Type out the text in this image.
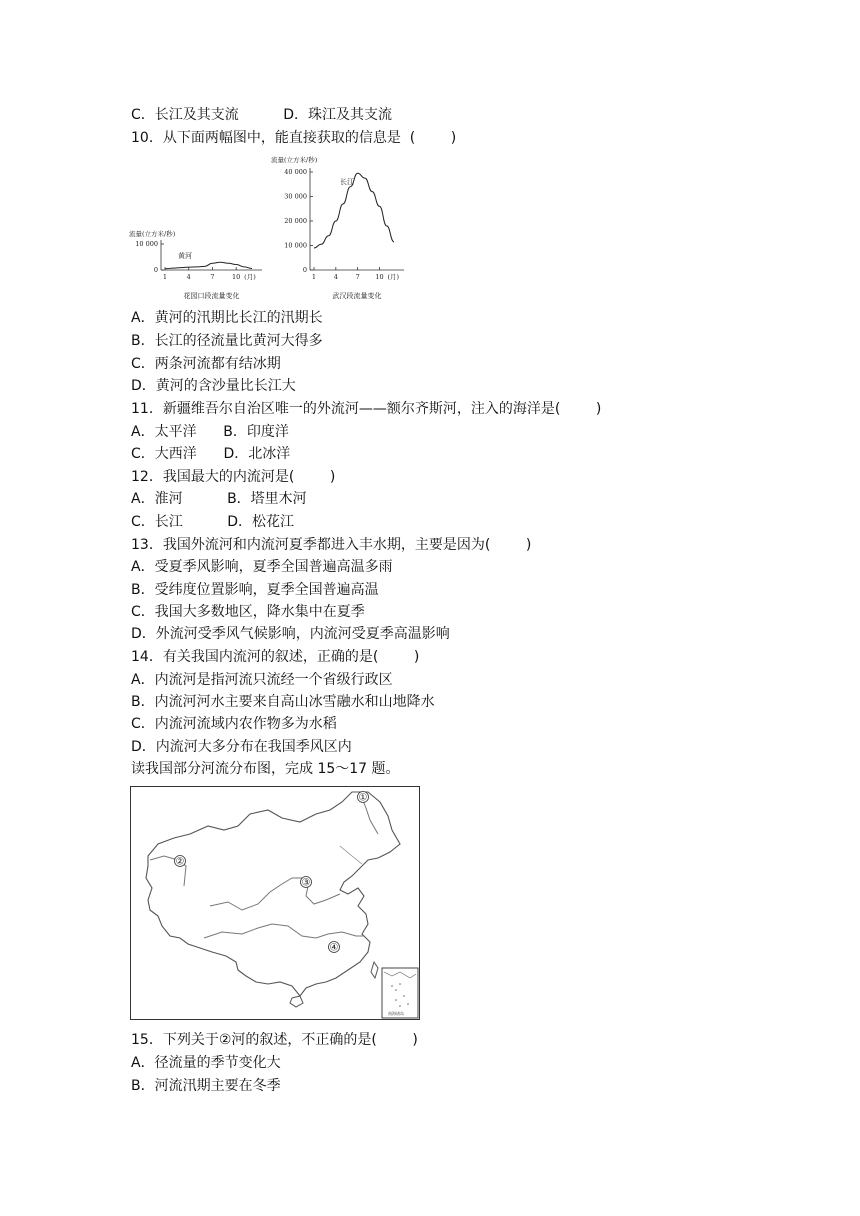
C．长江及其支流          D．珠江及其支流
10．从下面两幅图中，能直接获取的信息是  (        )
A．黄河的汛期比长江的汛期长
B．长江的径流量比黄河大得多
C．两条河流都有结冰期
D．黄河的含沙量比长江大
11．新疆维吾尔自治区唯一的外流河——额尔齐斯河，注入的海洋是(        )
A．太平洋      B．印度洋
C．大西洋      D．北冰洋
12．我国最大的内流河是(        )
A．淮河          B．塔里木河
C．长江          D．松花江
13．我国外流河和内流河夏季都进入丰水期，主要是因为(        )
A．受夏季风影响，夏季全国普遍高温多雨
B．受纬度位置影响，夏季全国普遍高温
C．我国大多数地区，降水集中在夏季
D．外流河受季风气候影响，内流河受夏季高温影响
14．有关我国内流河的叙述，正确的是(        )
A．内流河是指河流只流经一个省级行政区
B．内流河河水主要来自高山冰雪融水和山地降水
C．内流河流域内农作物多为水稻
D．内流河大多分布在我国季风区内
读我国部分河流分布图，完成 15～17 题。
15．下列关于②河的叙述，不正确的是(        )
A．径流量的季节变化大
B．河流汛期主要在冬季
流量(立方米/秒)
0
10 000
1	4	7	10 (月)
黄河
花园口段流量变化
流量(立方米/秒)
0
10 000
20 000
30 000
40 000
1	4	7 10 (月)
长江
武汉段流量变化
①
②
③
④
南海诸岛
